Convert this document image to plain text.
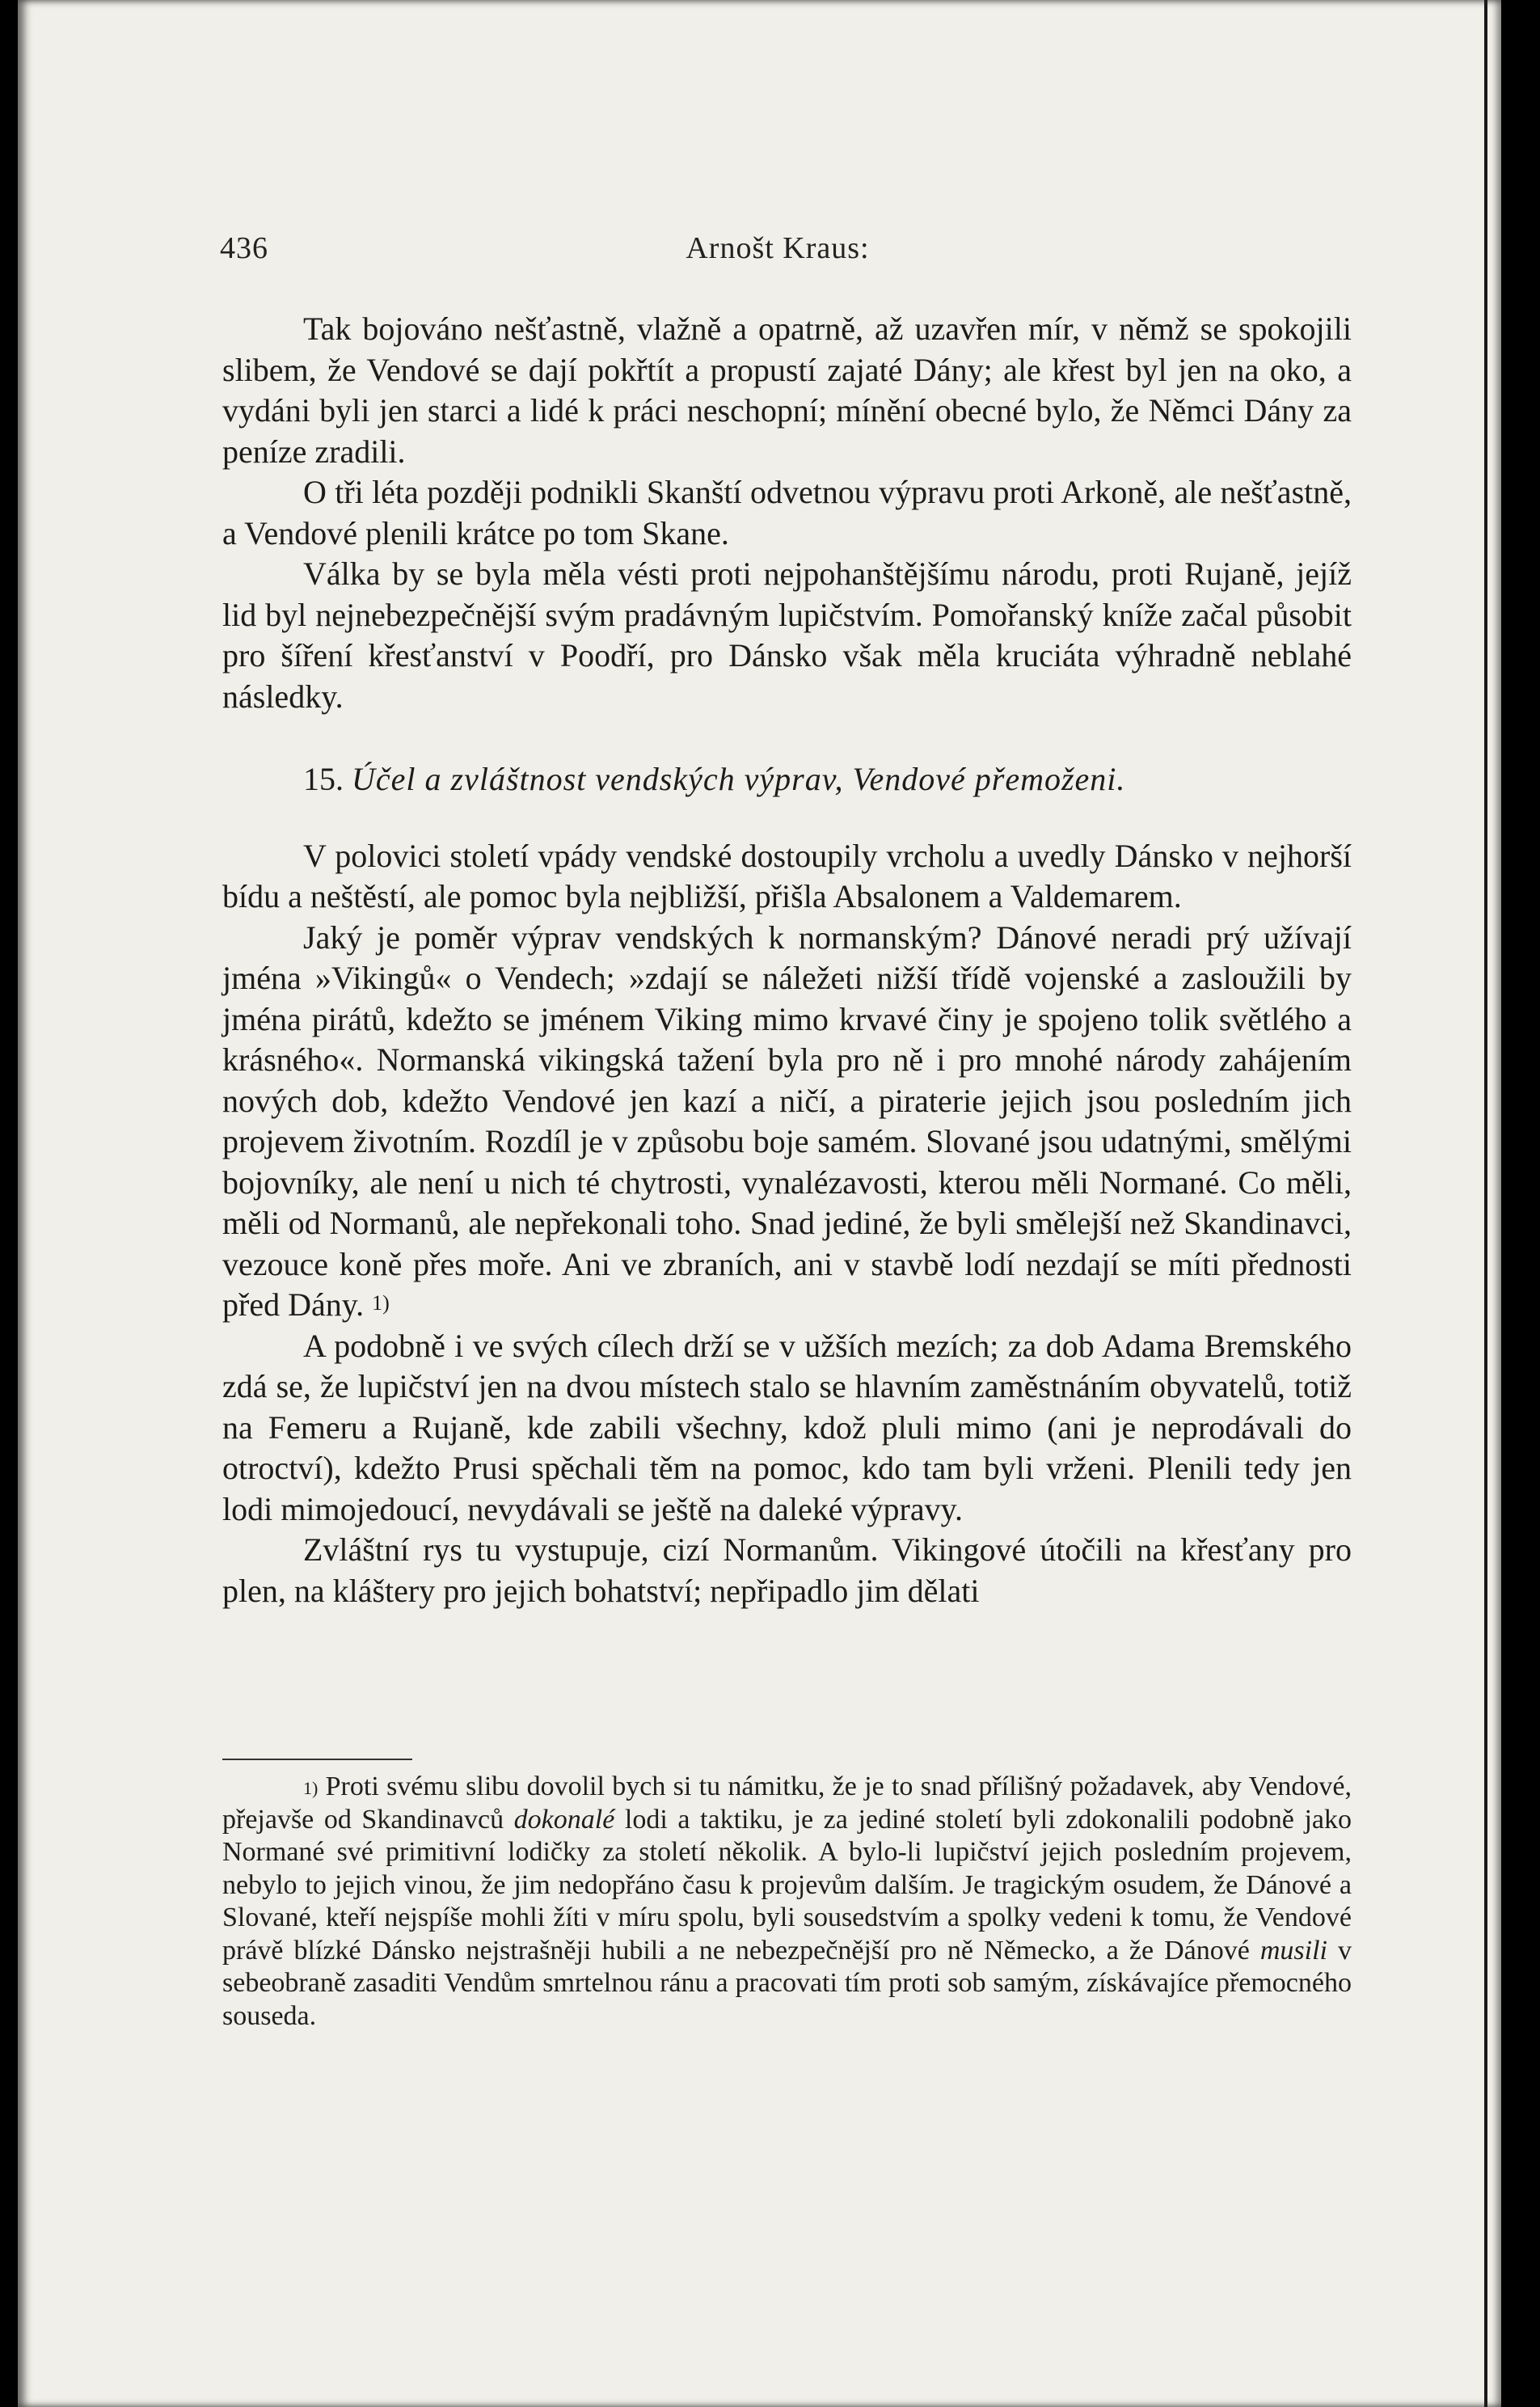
436	Arnošt Kraus:

Tak bojováno nešťastně, vlažně a opatrně, až uzavřen mír, v němž se spokojili slibem, že Vendové se dají pokřtít a propustí zajaté Dány; ale křest byl jen na oko, a vydáni byli jen starci a lidé k práci neschopní; mínění obecné bylo, že Němci Dány za peníze zradili.

O tři léta později podnikli Skanští odvetnou výpravu proti Arkoně, ale nešťastně, a Vendové plenili krátce po tom Skane.

Válka by se byla měla vésti proti nejpohanštějšímu národu, proti Rujaně, jejíž lid byl nejnebezpečnější svým pradávným lupičstvím. Pomořanský kníže začal působit pro šíření křesťanství v Poodří, pro Dánsko však měla kruciáta výhradně neblahé následky.

15. Účel a zvláštnost vendských výprav, Vendové přemoženi.

V polovici století vpády vendské dostoupily vrcholu a uvedly Dánsko v nejhorší bídu a neštěstí, ale pomoc byla nejbližší, přišla Absalonem a Valdemarem.

Jaký je poměr výprav vendských k normanským? Dánové neradi prý užívají jména »Vikingů« o Vendech; »zdají se náležeti nižší třídě vojenské a zasloužili by jména pirátů, kdežto se jménem Viking mimo krvavé činy je spojeno tolik světlého a krásného«. Normanská vikingská tažení byla pro ně i pro mnohé národy zahájením nových dob, kdežto Vendové jen kazí a ničí, a piraterie jejich jsou posledním jich projevem životním. Rozdíl je v způsobu boje samém. Slované jsou udatnými, smělými bojovníky, ale není u nich té chytrosti, vynalézavosti, kterou měli Normané. Co měli, měli od Normanů, ale nepřekonali toho. Snad jediné, že byli smělejší než Skandinavci, vezouce koně přes moře. Ani ve zbraních, ani v stavbě lodí nezdají se míti přednosti před Dány. $^{1)}$

A podobně i ve svých cílech drží se v užších mezích; za dob Adama Bremského zdá se, že lupičství jen na dvou místech stalo se hlavním zaměstnáním obyvatelů, totiž na Femeru a Rujaně, kde zabili všechny, kdož pluli mimo (ani je neprodávali do otroctví), kdežto Prusi spěchali těm na pomoc, kdo tam byli vrženi. Plenili tedy jen lodi mimojedoucí, nevydávali se ještě na daleké výpravy.

Zvláštní rys tu vystupuje, cizí Normanům. Vikingové útočili na křesťany pro plen, na kláštery pro jejich bohatství; nepřipadlo jim dělati

$^{1)}$ Proti svému slibu dovolil bych si tu námitku, že je to snad přílišný požadavek, aby Vendové, přejavše od Skandinavců dokonalé lodi a taktiku, je za jediné století byli zdokonalili podobně jako Normané své primitivní lodičky za století několik. A bylo-li lupičství jejich posledním projevem, nebylo to jejich vinou, že jim nedopřáno času k projevům dalším. Je tragickým osudem, že Dánové a Slované, kteří nejspíše mohli žíti v míru spolu, byli sousedstvím a spolky vedeni k tomu, že Vendové právě blízké Dánsko nejstrašněji hubili a ne nebezpečnější pro ně Německo, a že Dánové musili v sebeobraně zasaditi Vendům smrtelnou ránu a pracovati tím proti sob samým, získávajíce přemocného souseda.
